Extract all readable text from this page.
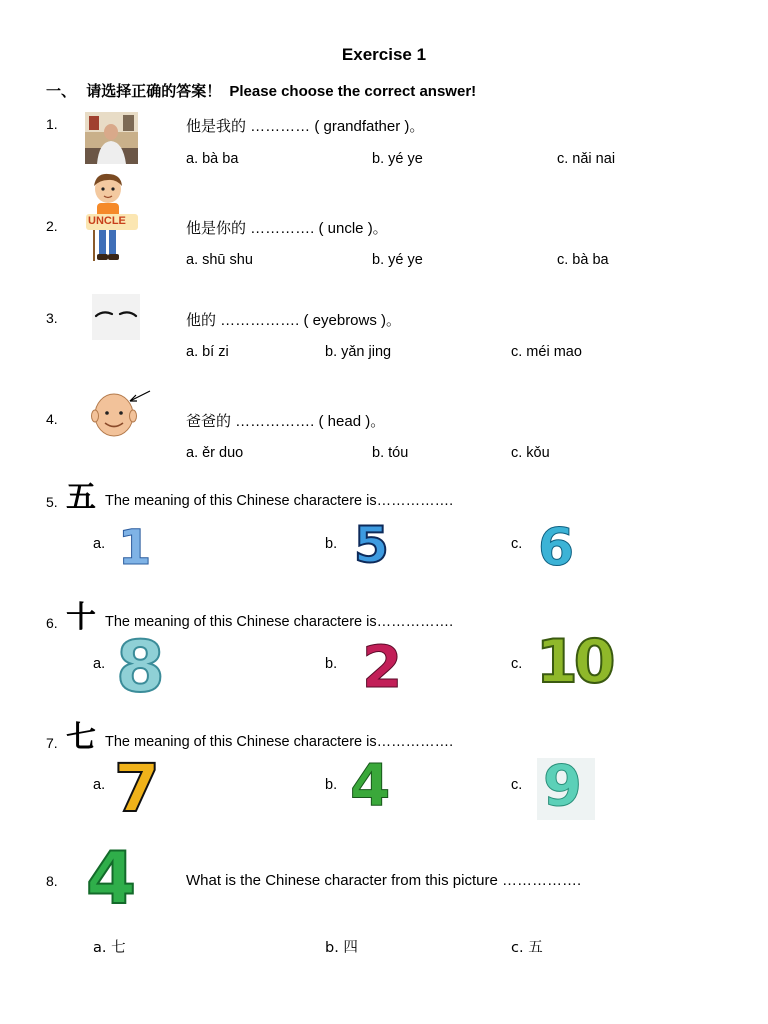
Exercise 1
一、 请选择正确的答案！ Please choose the correct answer!
1.	他是我的 ………… ( grandfather )。
a. bà ba	b. yé ye	c. nǎi nai
2.	UNCLE	他是你的 …………. ( uncle )。
a. shū shu	b. yé ye	c. bà ba
3.	他的 ……………. ( eyebrows )。
a. bí zi	b. yǎn jing	c. méi mao
4.	爸爸的 ……………. ( head )。
a. ěr duo	b. tóu	c. kǒu
5. 五 The meaning of this Chinese charactere is…………….
a. 1	b. 5	c. 6
6. 十 The meaning of this Chinese charactere is…………….
a. 8	b. 2	c. 10
7. 七 The meaning of this Chinese charactere is…………….
a. 7	b. 4	c. 9
8. 4	What is the Chinese character from this picture …………….
a. 七	b. 四	c. 五
